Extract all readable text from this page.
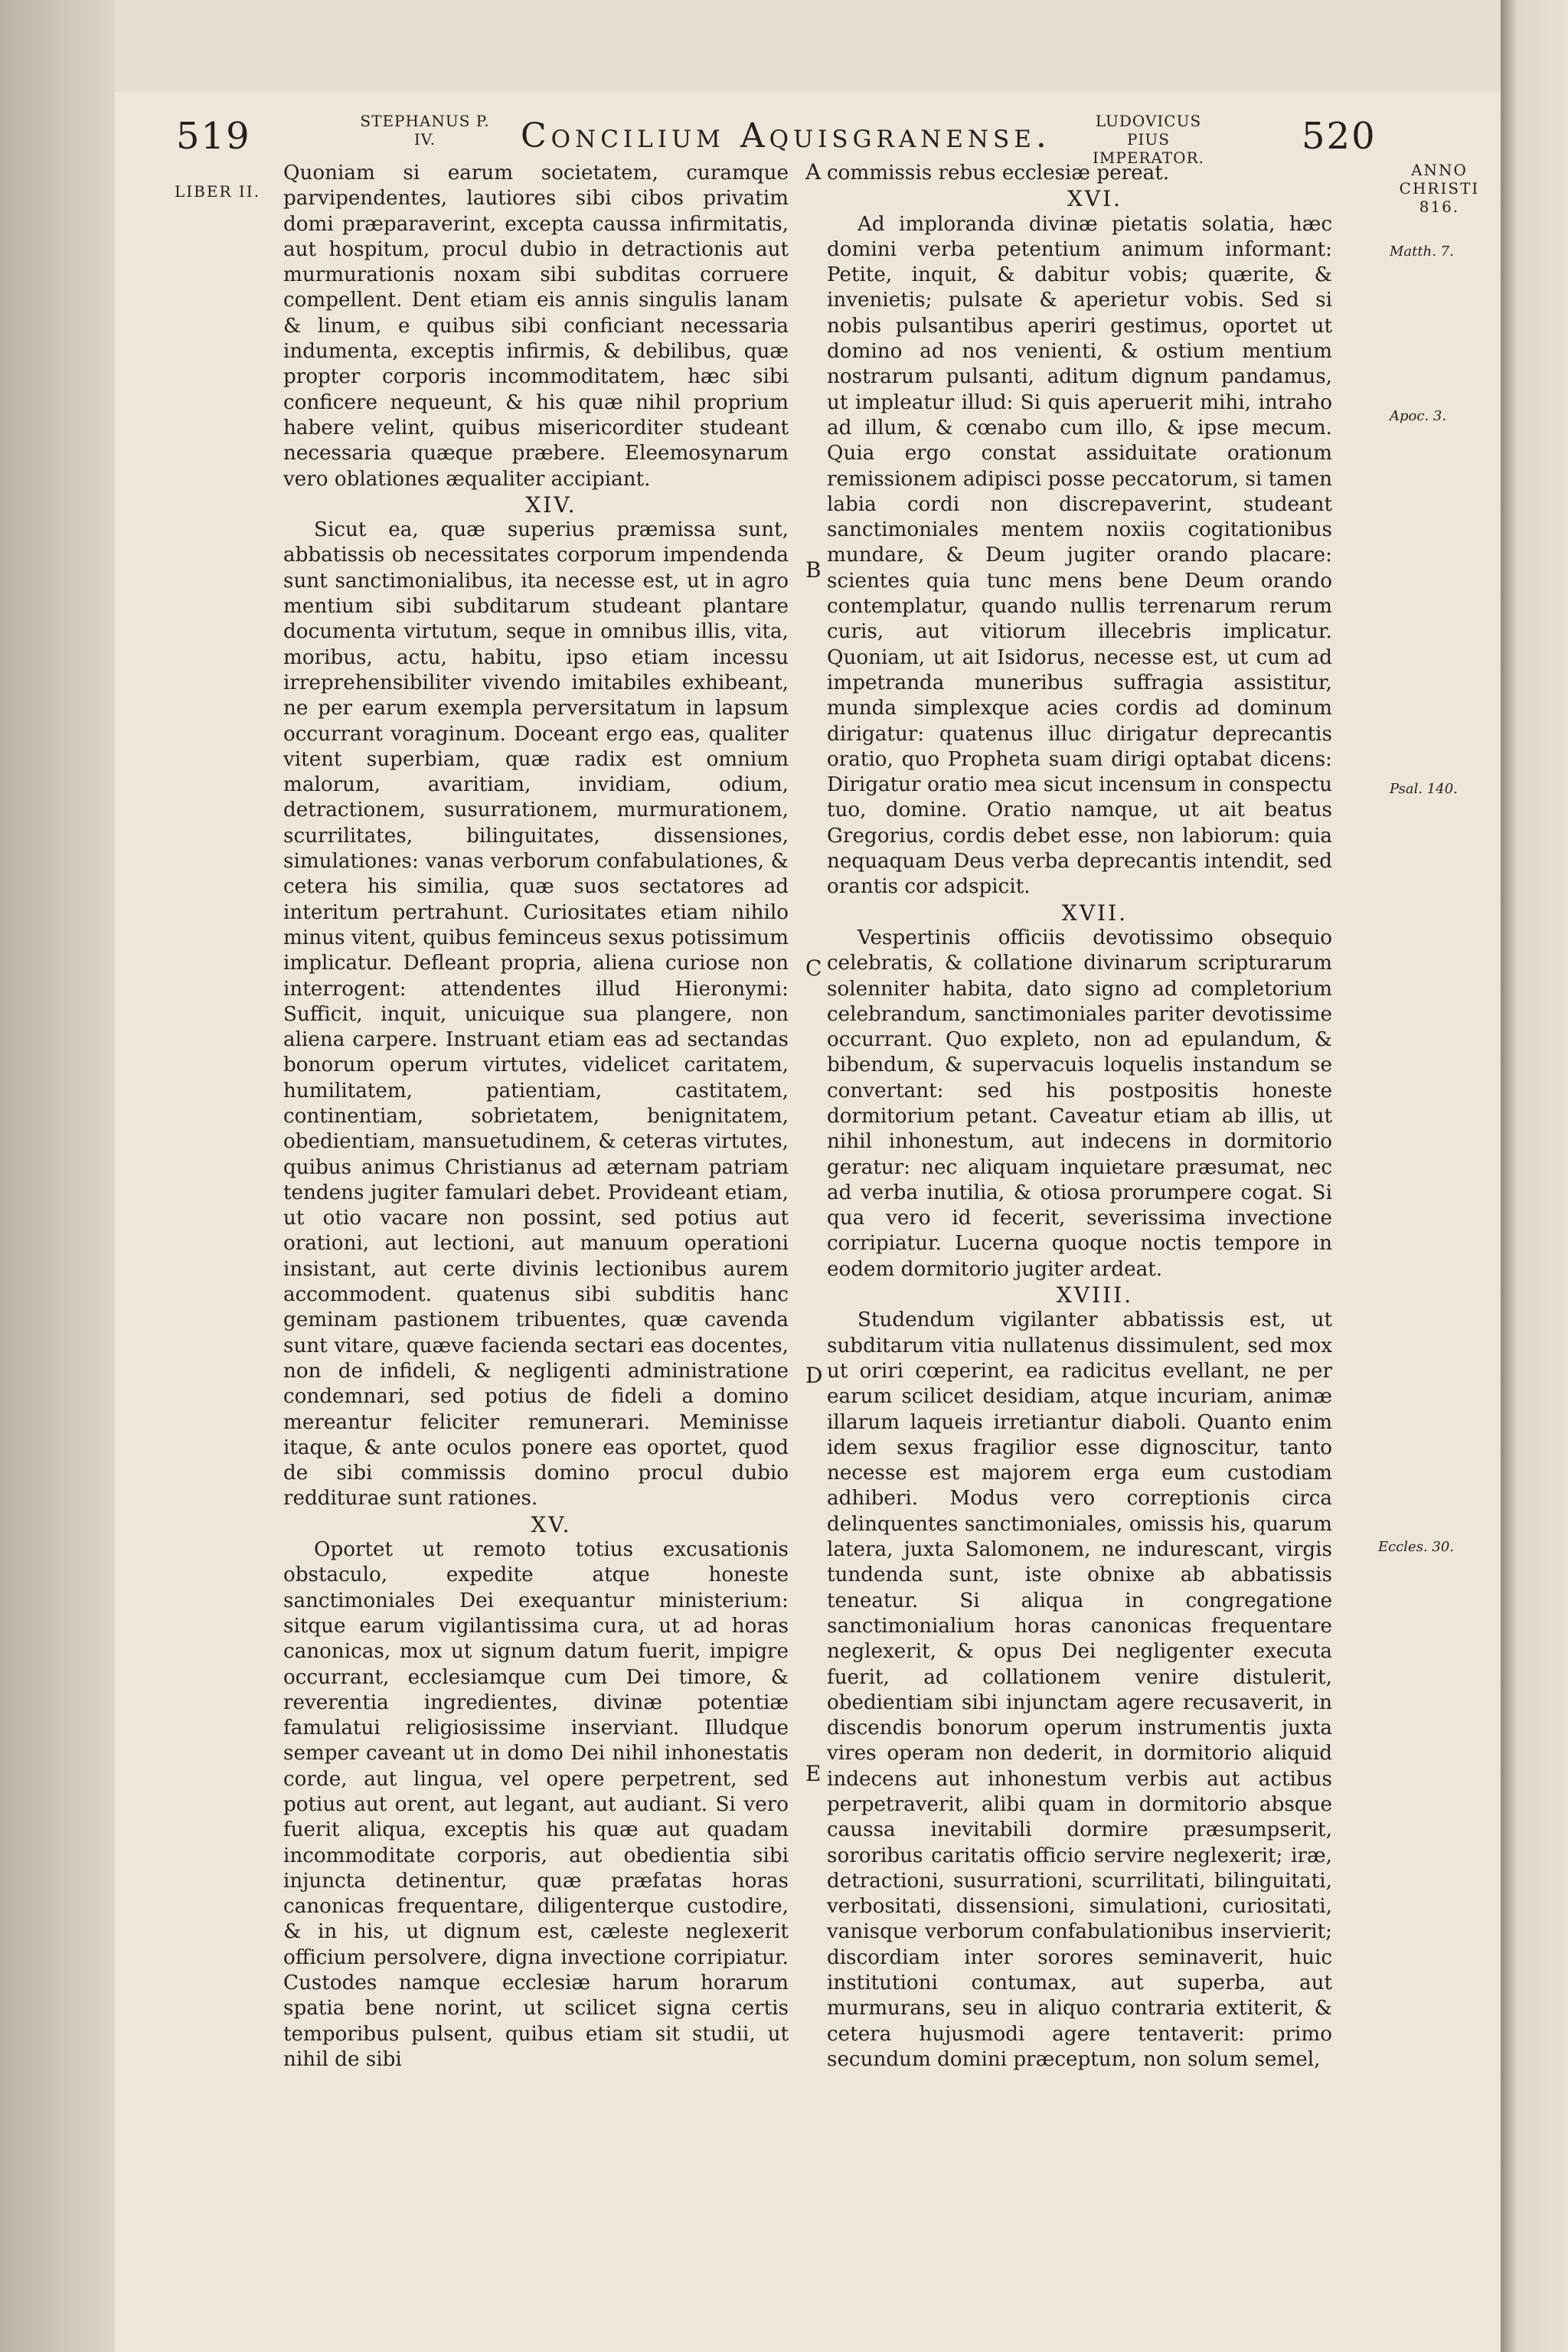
519	STEPHANUS P. IV.	Concilium Aquisgranense.	LUDOVICUS PIUS IMPERATOR.	520
LIBER II.
ANNO
CHRISTI
816.
Matth. 7.
Apoc. 3.
Psal. 140.
Eccles. 30.
A
B
C
D
E

Quoniam si earum societatem, curamque parvipendentes, lautiores sibi cibos privatim domi præparaverint, excepta caussa infirmitatis, aut hospitum, procul dubio in detractionis aut murmurationis noxam sibi subditas corruere compellent. Dent etiam eis annis singulis lanam & linum, e quibus sibi conficiant necessaria indumenta, exceptis infirmis, & debilibus, quæ propter corporis incommoditatem, hæc sibi conficere nequeunt, & his quæ nihil proprium habere velint, quibus misericorditer studeant necessaria quæque præbere. Eleemosynarum vero oblationes æqualiter accipiant.

XIV.

Sicut ea, quæ superius præmissa sunt, abbatissis ob necessitates corporum impendenda sunt sanctimonialibus, ita necesse est, ut in agro mentium sibi subditarum studeant plantare documenta virtutum, seque in omnibus illis, vita, moribus, actu, habitu, ipso etiam incessu irreprehensibiliter vivendo imitabiles exhibeant, ne per earum exempla perversitatum in lapsum occurrant voraginum. Doceant ergo eas, qualiter vitent superbiam, quæ radix est omnium malorum, avaritiam, invidiam, odium, detractionem, susurrationem, murmurationem, scurrilitates, bilinguitates, dissensiones, simulationes: vanas verborum confabulationes, & cetera his similia, quæ suos sectatores ad interitum pertrahunt. Curiositates etiam nihilo minus vitent, quibus feminceus sexus potissimum implicatur. Defleant propria, aliena curiose non interrogent: attendentes illud Hieronymi: Sufficit, inquit, unicuique sua plangere, non aliena carpere. Instruant etiam eas ad sectandas bonorum operum virtutes, videlicet caritatem, humilitatem, patientiam, castitatem, continentiam, sobrietatem, benignitatem, obedientiam, mansuetudinem, & ceteras virtutes, quibus animus Christianus ad æternam patriam tendens jugiter famulari debet. Provideant etiam, ut otio vacare non possint, sed potius aut orationi, aut lectioni, aut manuum operationi insistant, aut certe divinis lectionibus aurem accommodent. quatenus sibi subditis hanc geminam pastionem tribuentes, quæ cavenda sunt vitare, quæve facienda sectari eas docentes, non de infideli, & negligenti administratione condemnari, sed potius de fideli a domino mereantur feliciter remunerari. Meminisse itaque, & ante oculos ponere eas oportet, quod de sibi commissis domino procul dubio redditurae sunt rationes.

XV.

Oportet ut remoto totius excusationis obstaculo, expedite atque honeste sanctimoniales Dei exequantur ministerium: sitque earum vigilantissima cura, ut ad horas canonicas, mox ut signum datum fuerit, impigre occurrant, ecclesiamque cum Dei timore, & reverentia ingredientes, divinæ potentiæ famulatui religiosissime inserviant. Illudque semper caveant ut in domo Dei nihil inhonestatis corde, aut lingua, vel opere perpetrent, sed potius aut orent, aut legant, aut audiant. Si vero fuerit aliqua, exceptis his quæ aut quadam incommoditate corporis, aut obedientia sibi injuncta detinentur, quæ præfatas horas canonicas frequentare, diligenterque custodire, & in his, ut dignum est, cæleste neglexerit officium persolvere, digna invectione corripiatur. Custodes namque ecclesiæ harum horarum spatia bene norint, ut scilicet signa certis temporibus pulsent, quibus etiam sit studii, ut nihil de sibi

commissis rebus ecclesiæ pereat.

XVI.

Ad imploranda divinæ pietatis solatia, hæc domini verba petentium animum informant: Petite, inquit, & dabitur vobis; quærite, & invenietis; pulsate & aperietur vobis. Sed si nobis pulsantibus aperiri gestimus, oportet ut domino ad nos venienti, & ostium mentium nostrarum pulsanti, aditum dignum pandamus, ut impleatur illud: Si quis aperuerit mihi, intraho ad illum, & cœnabo cum illo, & ipse mecum. Quia ergo constat assiduitate orationum remissionem adipisci posse peccatorum, si tamen labia cordi non discrepaverint, studeant sanctimoniales mentem noxiis cogitationibus mundare, & Deum jugiter orando placare: scientes quia tunc mens bene Deum orando contemplatur, quando nullis terrenarum rerum curis, aut vitiorum illecebris implicatur. Quoniam, ut ait Isidorus, necesse est, ut cum ad impetranda muneribus suffragia assistitur, munda simplexque acies cordis ad dominum dirigatur: quatenus illuc dirigatur deprecantis oratio, quo Propheta suam dirigi optabat dicens: Dirigatur oratio mea sicut incensum in conspectu tuo, domine. Oratio namque, ut ait beatus Gregorius, cordis debet esse, non labiorum: quia nequaquam Deus verba deprecantis intendit, sed orantis cor adspicit.

XVII.

Vespertinis officiis devotissimo obsequio celebratis, & collatione divinarum scripturarum solenniter habita, dato signo ad completorium celebrandum, sanctimoniales pariter devotissime occurrant. Quo expleto, non ad epulandum, & bibendum, & supervacuis loquelis instandum se convertant: sed his postpositis honeste dormitorium petant. Caveatur etiam ab illis, ut nihil inhonestum, aut indecens in dormitorio geratur: nec aliquam inquietare præsumat, nec ad verba inutilia, & otiosa prorumpere cogat. Si qua vero id fecerit, severissima invectione corripiatur. Lucerna quoque noctis tempore in eodem dormitorio jugiter ardeat.

XVIII.

Studendum vigilanter abbatissis est, ut subditarum vitia nullatenus dissimulent, sed mox ut oriri cœperint, ea radicitus evellant, ne per earum scilicet desidiam, atque incuriam, animæ illarum laqueis irretiantur diaboli. Quanto enim idem sexus fragilior esse dignoscitur, tanto necesse est majorem erga eum custodiam adhiberi. Modus vero correptionis circa delinquentes sanctimoniales, omissis his, quarum latera, juxta Salomonem, ne indurescant, virgis tundenda sunt, iste obnixe ab abbatissis teneatur. Si aliqua in congregatione sanctimonialium horas canonicas frequentare neglexerit, & opus Dei negligenter executa fuerit, ad collationem venire distulerit, obedientiam sibi injunctam agere recusaverit, in discendis bonorum operum instrumentis juxta vires operam non dederit, in dormitorio aliquid indecens aut inhonestum verbis aut actibus perpetraverit, alibi quam in dormitorio absque caussa inevitabili dormire præsumpserit, sororibus caritatis officio servire neglexerit; iræ, detractioni, susurrationi, scurrilitati, bilinguitati, verbositati, dissensioni, simulationi, curiositati, vanisque verborum confabulationibus inservierit; discordiam inter sorores seminaverit, huic institutioni contumax, aut superba, aut murmurans, seu in aliquo contraria extiterit, & cetera hujusmodi agere tentaverit: primo secundum domini præceptum, non solum semel,
